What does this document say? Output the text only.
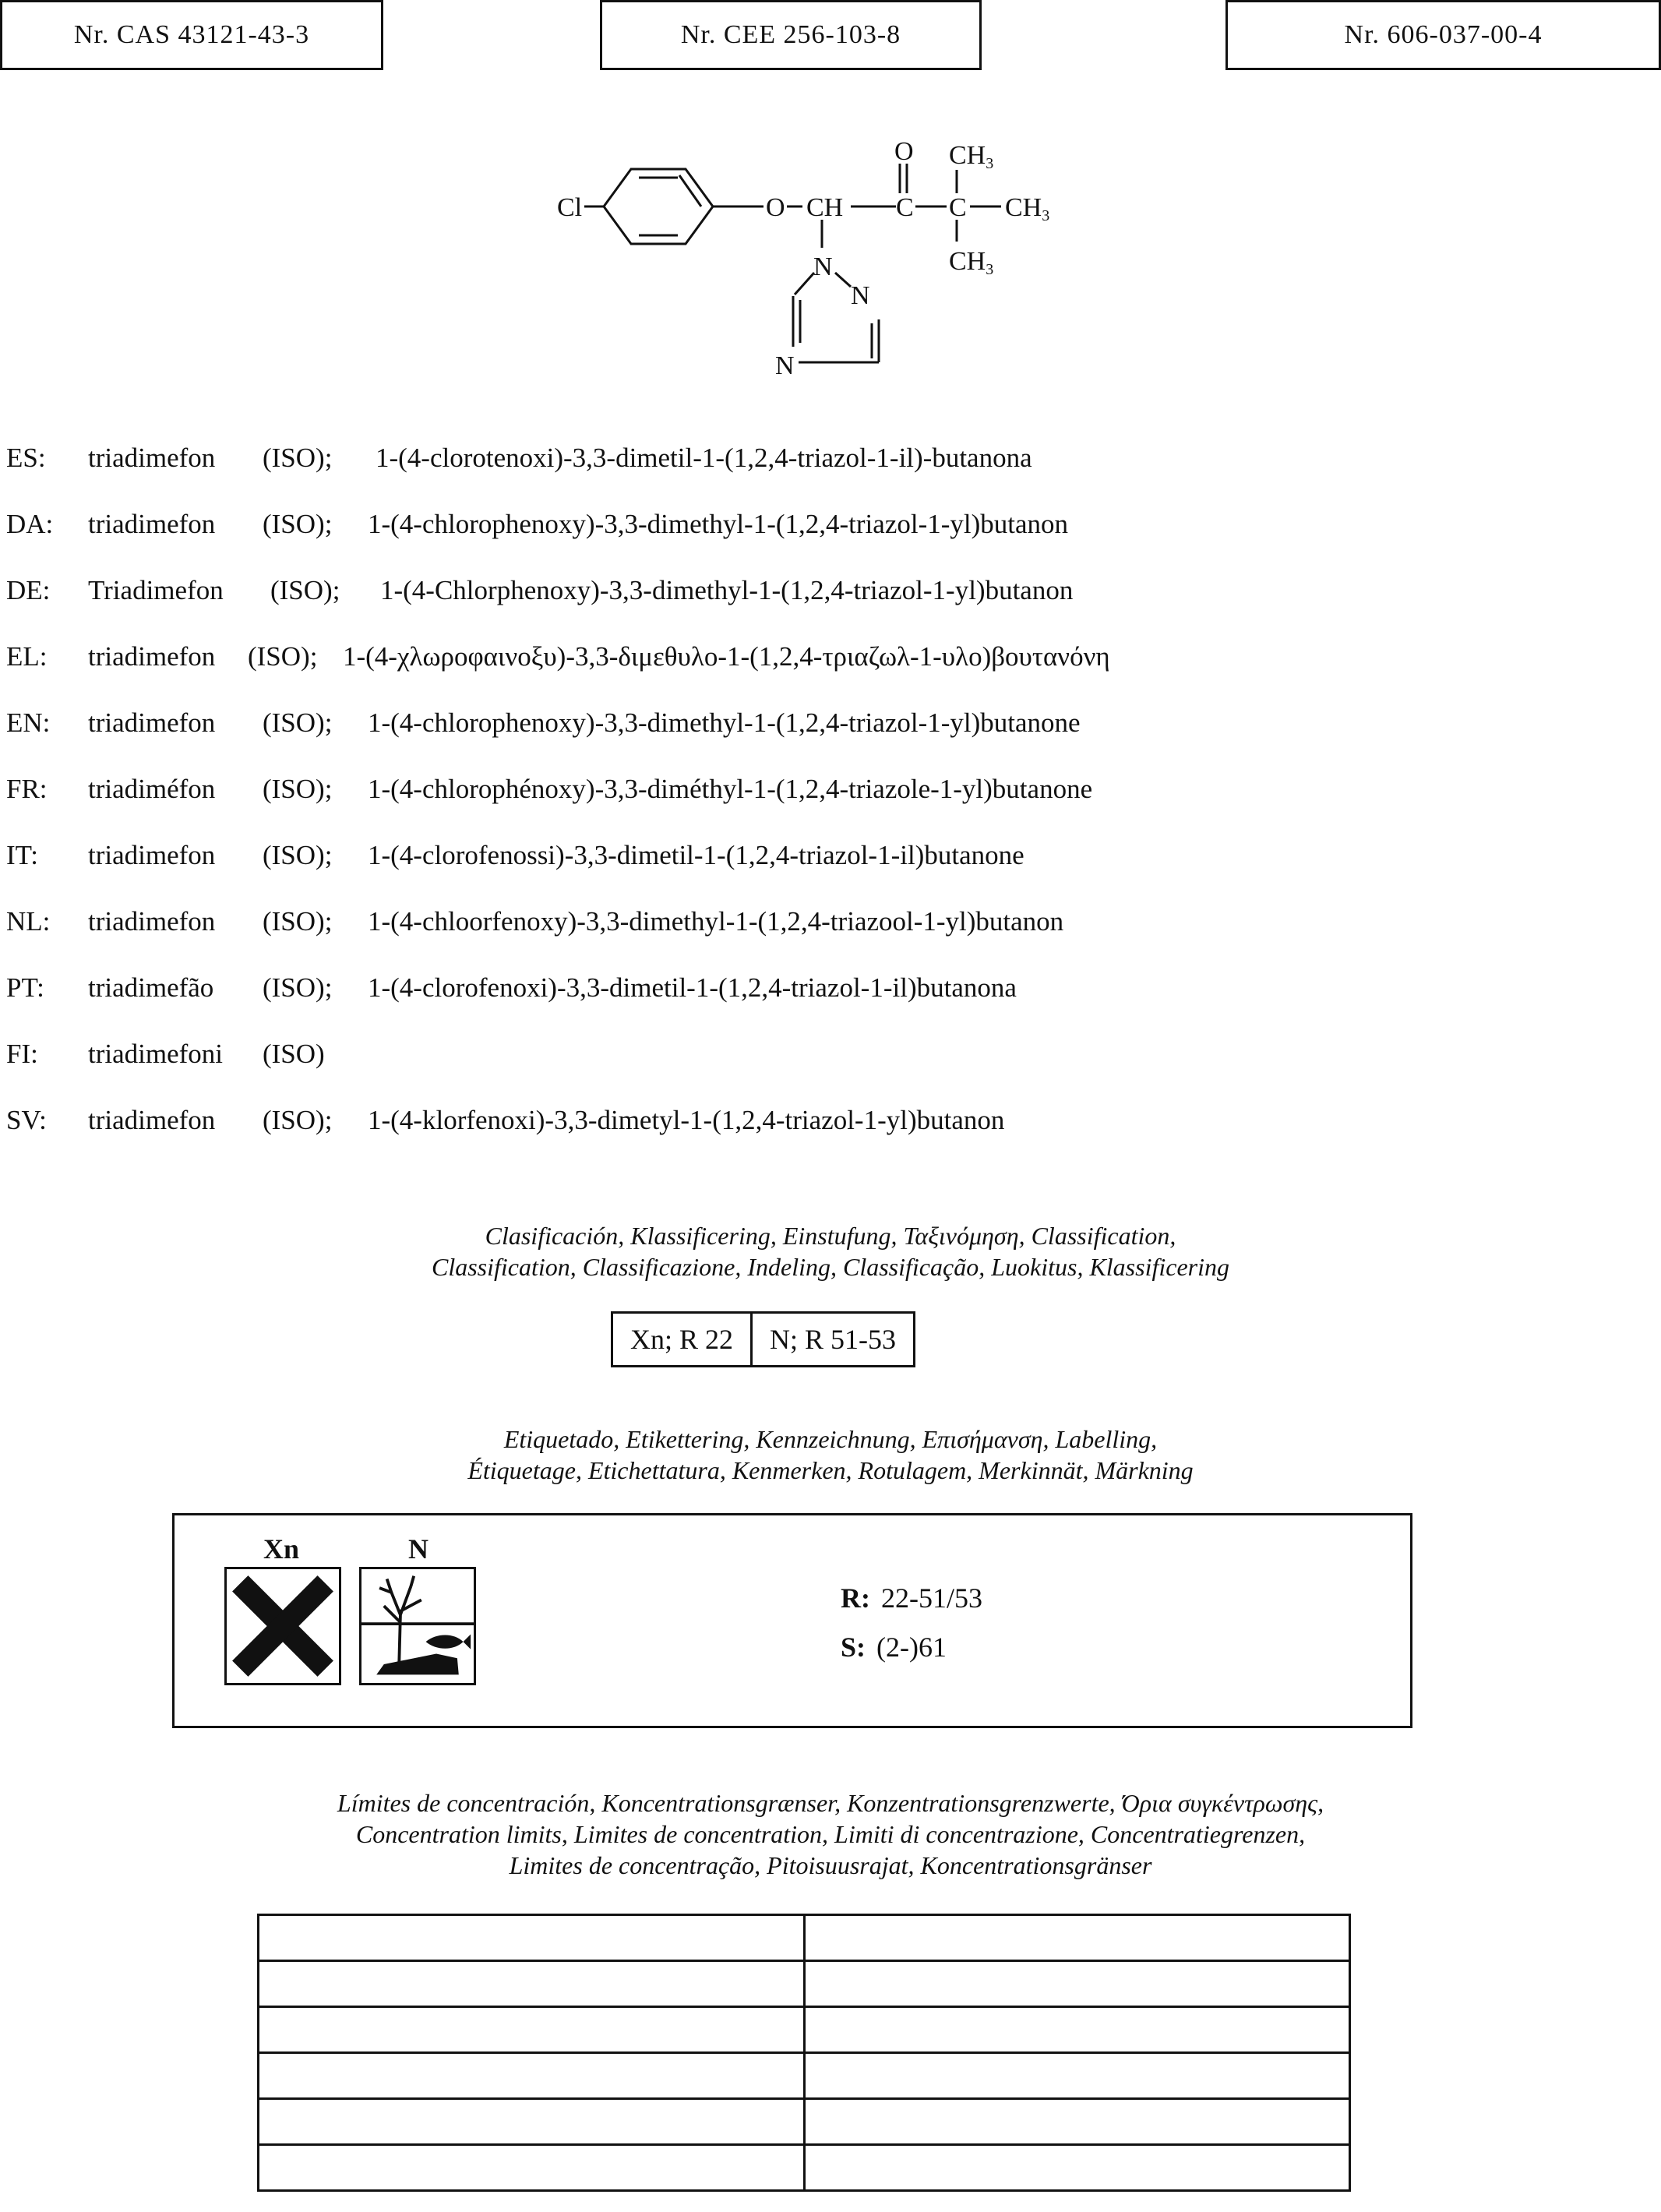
Nr. CAS 43121-43-3	Nr. CEE 256-103-8	Nr. 606-037-00-4
Cl	O CH C
O
C
CH3
CH3
CH3
N
N
N
ES: triadimefon (ISO); 1-(4-clorotenoxi)-3,3-dimetil-1-(1,2,4-triazol-1-il)-butanona
DA: triadimefon (ISO); 1-(4-chlorophenoxy)-3,3-dimethyl-1-(1,2,4-triazol-1-yl)butanon
DE: Triadimefon (ISO); 1-(4-Chlorphenoxy)-3,3-dimethyl-1-(1,2,4-triazol-1-yl)butanon
EL: triadimefon (ISO); 1-(4-χλωροφαινοξυ)-3,3-διμεθυλο-1-(1,2,4-τριαζωλ-1-υλο)βουτανόνη
EN: triadimefon (ISO); 1-(4-chlorophenoxy)-3,3-dimethyl-1-(1,2,4-triazol-1-yl)butanone
FR: triadiméfon (ISO); 1-(4-chlorophénoxy)-3,3-diméthyl-1-(1,2,4-triazole-1-yl)butanone
IT: triadimefon (ISO); 1-(4-clorofenossi)-3,3-dimetil-1-(1,2,4-triazol-1-il)butanone
NL: triadimefon (ISO); 1-(4-chloorfenoxy)-3,3-dimethyl-1-(1,2,4-triazool-1-yl)butanon
PT: triadimefão (ISO); 1-(4-clorofenoxi)-3,3-dimetil-1-(1,2,4-triazol-1-il)butanona
FI: triadimefoni (ISO)
SV: triadimefon (ISO); 1-(4-klorfenoxi)-3,3-dimetyl-1-(1,2,4-triazol-1-yl)butanon
Clasificación, Klassificering, Einstufung, Ταξινόμηση, Classification,
Classification, Classificazione, Indeling, Classificação, Luokitus, Klassificering
Xn; R 22	N; R 51-53
Etiquetado, Etikettering, Kennzeichnung, Επισήμανση, Labelling,
Étiquetage, Etichettatura, Kenmerken, Rotulagem, Merkinnät, Märkning
Xn	N
R: 22-51/53
S: (2-)61
Límites de concentración, Koncentrationsgrænser, Konzentrationsgrenzwerte, Όρια συγκέντρωσης,
Concentration limits, Limites de concentration, Limiti di concentrazione, Concentratiegrenzen,
Limites de concentração, Pitoisuusrajat, Koncentrationsgränser
